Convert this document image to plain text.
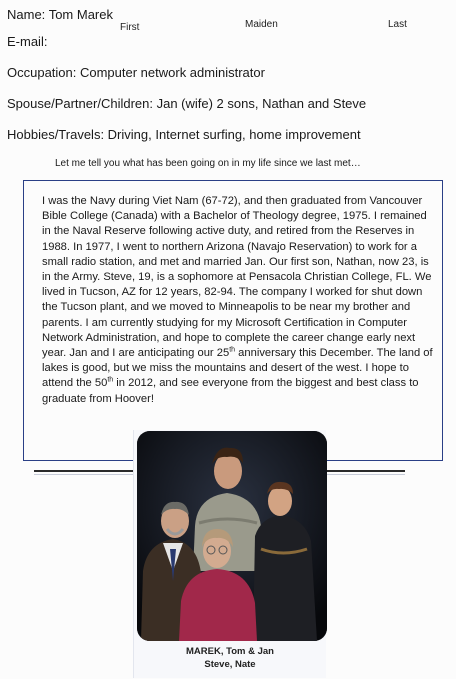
Name: Tom Marek
First	Maiden	Last
E-mail:
Occupation: Computer network administrator
Spouse/Partner/Children: Jan (wife) 2 sons, Nathan and Steve
Hobbies/Travels: Driving, Internet surfing, home improvement
Let me tell you what has been going on in my life since we last met…
I was the Navy during Viet Nam (67-72), and then graduated from Vancouver Bible College (Canada) with a Bachelor of Theology degree, 1975. I remained in the Naval Reserve following active duty, and retired from the Reserves in 1988. In 1977, I went to northern Arizona (Navajo Reservation) to work for a small radio station, and met and married Jan. Our first son, Nathan, now 23, is in the Army. Steve, 19, is a sophomore at Pensacola Christian College, FL. We lived in Tucson, AZ for 12 years, 82-94. The company I worked for shut down the Tucson plant, and we moved to Minneapolis to be near my brother and parents. I am currently studying for my Microsoft Certification in Computer Network Administration, and hope to complete the career change early next year. Jan and I are anticipating our 25th anniversary this December. The land of lakes is good, but we miss the mountains and desert of the west. I hope to attend the 50th in 2012, and see everyone from the biggest and best class to graduate from Hoover!
MAREK, Tom & Jan
Steve, Nate
